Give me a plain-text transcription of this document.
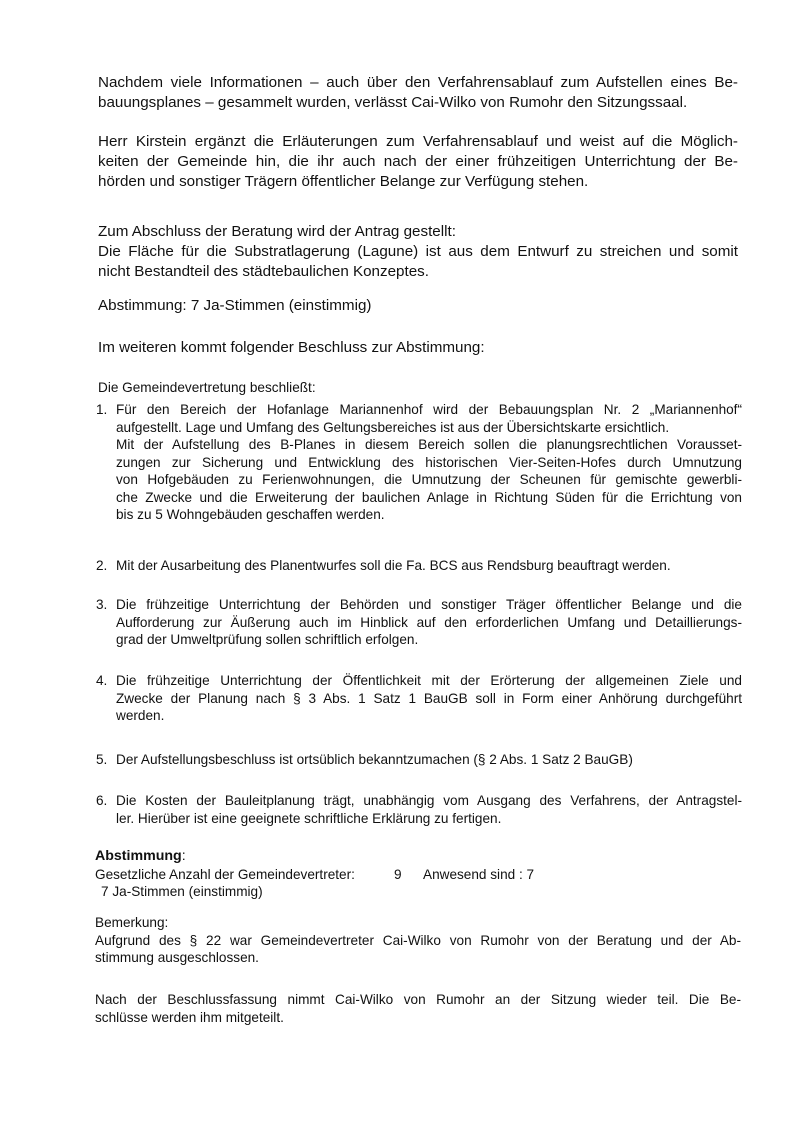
Nachdem viele Informationen – auch über den Verfahrensablauf zum Aufstellen eines Be-
bauungsplanes – gesammelt wurden, verlässt Cai-Wilko von Rumohr den Sitzungssaal.
Herr Kirstein ergänzt die Erläuterungen zum Verfahrensablauf und weist auf die Möglich-
keiten der Gemeinde hin, die ihr auch nach der einer frühzeitigen Unterrichtung der Be-
hörden und sonstiger Trägern öffentlicher Belange zur Verfügung stehen.
Zum Abschluss der Beratung wird der Antrag gestellt:
Die Fläche für die Substratlagerung (Lagune) ist aus dem Entwurf zu streichen und somit
nicht Bestandteil des städtebaulichen Konzeptes.
Abstimmung: 7 Ja-Stimmen (einstimmig)
Im weiteren kommt folgender Beschluss zur Abstimmung:
Die Gemeindevertretung beschließt:
1. Für den Bereich der Hofanlage Mariannenhof wird der Bebauungsplan Nr. 2 „Mariannenhof“
aufgestellt. Lage und Umfang des Geltungsbereiches ist aus der Übersichtskarte ersichtlich.
Mit der Aufstellung des B-Planes in diesem Bereich sollen die planungsrechtlichen Vorausset-
zungen zur Sicherung und Entwicklung des historischen Vier-Seiten-Hofes durch Umnutzung
von Hofgebäuden zu Ferienwohnungen, die Umnutzung der Scheunen für gemischte gewerbli-
che Zwecke und die Erweiterung der baulichen Anlage in Richtung Süden für die Errichtung von
bis zu 5 Wohngebäuden geschaffen werden.
2. Mit der Ausarbeitung des Planentwurfes soll die Fa. BCS aus Rendsburg beauftragt werden.
3. Die frühzeitige Unterrichtung der Behörden und sonstiger Träger öffentlicher Belange und die
Aufforderung zur Äußerung auch im Hinblick auf den erforderlichen Umfang und Detaillierungs-
grad der Umweltprüfung sollen schriftlich erfolgen.
4. Die frühzeitige Unterrichtung der Öffentlichkeit mit der Erörterung der allgemeinen Ziele und
Zwecke der Planung nach § 3 Abs. 1 Satz 1 BauGB soll in Form einer Anhörung durchgeführt
werden.
5. Der Aufstellungsbeschluss ist ortsüblich bekanntzumachen (§ 2 Abs. 1 Satz 2 BauGB)
6. Die Kosten der Bauleitplanung trägt, unabhängig vom Ausgang des Verfahrens, der Antragstel-
ler. Hierüber ist eine geeignete schriftliche Erklärung zu fertigen.
Abstimmung:
Gesetzliche Anzahl der Gemeindevertreter:	9 Anwesend sind : 7
7 Ja-Stimmen (einstimmig)
Bemerkung:
Aufgrund des § 22 war Gemeindevertreter Cai-Wilko von Rumohr von der Beratung und der Ab-
stimmung ausgeschlossen.
Nach der Beschlussfassung nimmt Cai-Wilko von Rumohr an der Sitzung wieder teil. Die Be-
schlüsse werden ihm mitgeteilt.
